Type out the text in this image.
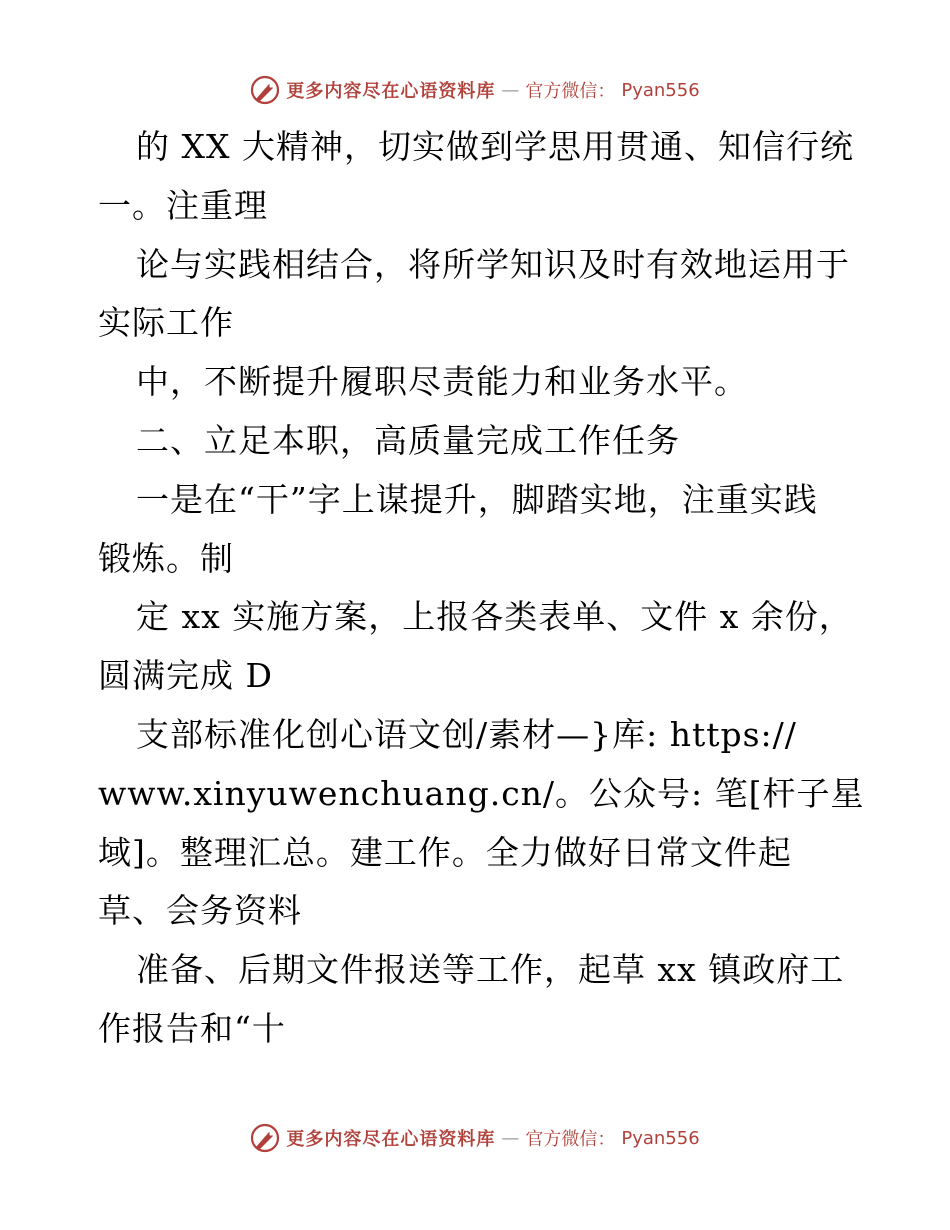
更多内容尽在心语资料库 — 官方微信： Pyan556
的 XX 大精神，切实做到学思用贯通、知信行统
一。注重理
论与实践相结合，将所学知识及时有效地运用于
实际工作
中，不断提升履职尽责能力和业务水平。
二、立足本职，高质量完成工作任务
一是在“干”字上谋提升，脚踏实地，注重实践
锻炼。制
定 xx 实施方案，上报各类表单、文件 x 余份，
圆满完成 D
支部标准化创心语文创/素材—}库: https://
www.xinyuwenchuang.cn/。公众号: 笔[杆子星
域]。整理汇总。建工作。全力做好日常文件起
草、会务资料
准备、后期文件报送等工作，起草 xx 镇政府工
作报告和“十
更多内容尽在心语资料库 — 官方微信： Pyan556
